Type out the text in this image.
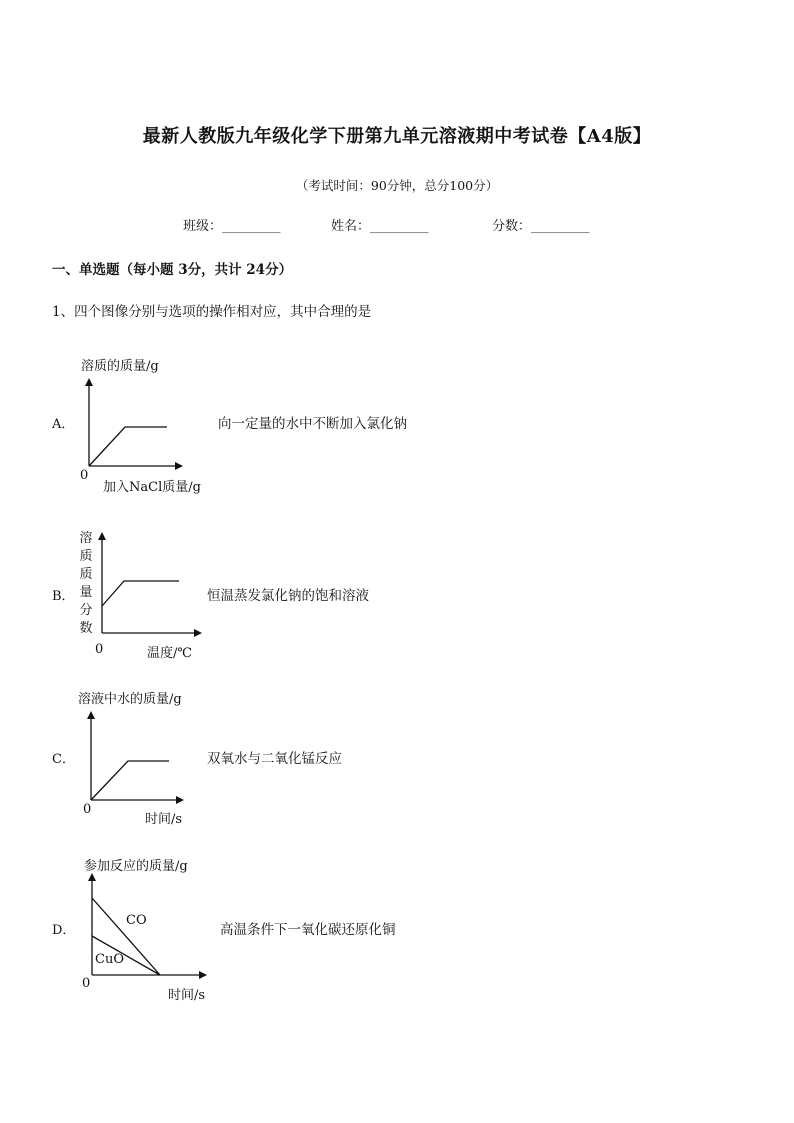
最新人教版九年级化学下册第九单元溶液期中考试卷【A4版】
（考试时间：90分钟，总分100分）
班级：_________	姓名：_________	分数：_________
一、单选题（每小题 3分，共计 24分）
1、四个图像分别与选项的操作相对应，其中合理的是
溶质的质量/g
A．
0
加入NaCl质量/g
向一定量的水中不断加入氯化钠
溶
质
质
量
分
数
B．
0	温度/℃
恒温蒸发氯化钠的饱和溶液
溶液中水的质量/g
C．
0
时间/s
双氧水与二氧化锰反应
参加反应的质量/g
D．
CO
CuO
0
时间/s
高温条件下一氧化碳还原化铜
